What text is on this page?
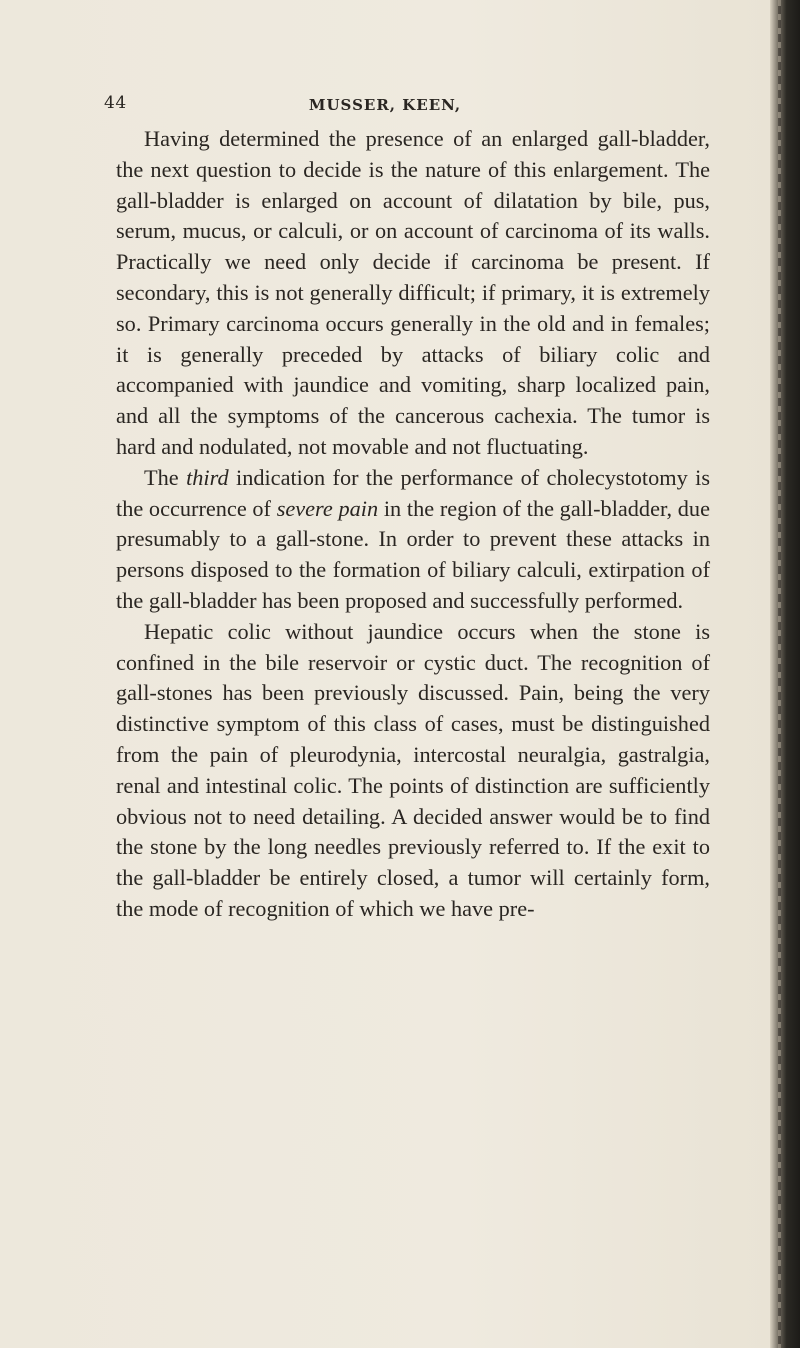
44	MUSSER, KEEN,

Having determined the presence of an enlarged gall-bladder, the next question to decide is the nature of this enlargement. The gall-bladder is enlarged on account of dilatation by bile, pus, serum, mucus, or calculi, or on account of carcinoma of its walls. Practically we need only decide if carcinoma be present. If secondary, this is not generally difficult; if primary, it is extremely so. Primary carcinoma occurs generally in the old and in females; it is generally preceded by attacks of biliary colic and accompanied with jaundice and vomiting, sharp localized pain, and all the symptoms of the cancerous cachexia. The tumor is hard and nodulated, not movable and not fluctuating.

The third indication for the performance of cholecystotomy is the occurrence of severe pain in the region of the gall-bladder, due presumably to a gall-stone. In order to prevent these attacks in persons disposed to the formation of biliary calculi, extirpation of the gall-bladder has been proposed and successfully performed.

Hepatic colic without jaundice occurs when the stone is confined in the bile reservoir or cystic duct. The recognition of gall-stones has been previously discussed. Pain, being the very distinctive symptom of this class of cases, must be distinguished from the pain of pleurodynia, intercostal neuralgia, gastralgia, renal and intestinal colic. The points of distinction are sufficiently obvious not to need detailing. A decided answer would be to find the stone by the long needles previously referred to. If the exit to the gall-bladder be entirely closed, a tumor will certainly form, the mode of recognition of which we have pre-
